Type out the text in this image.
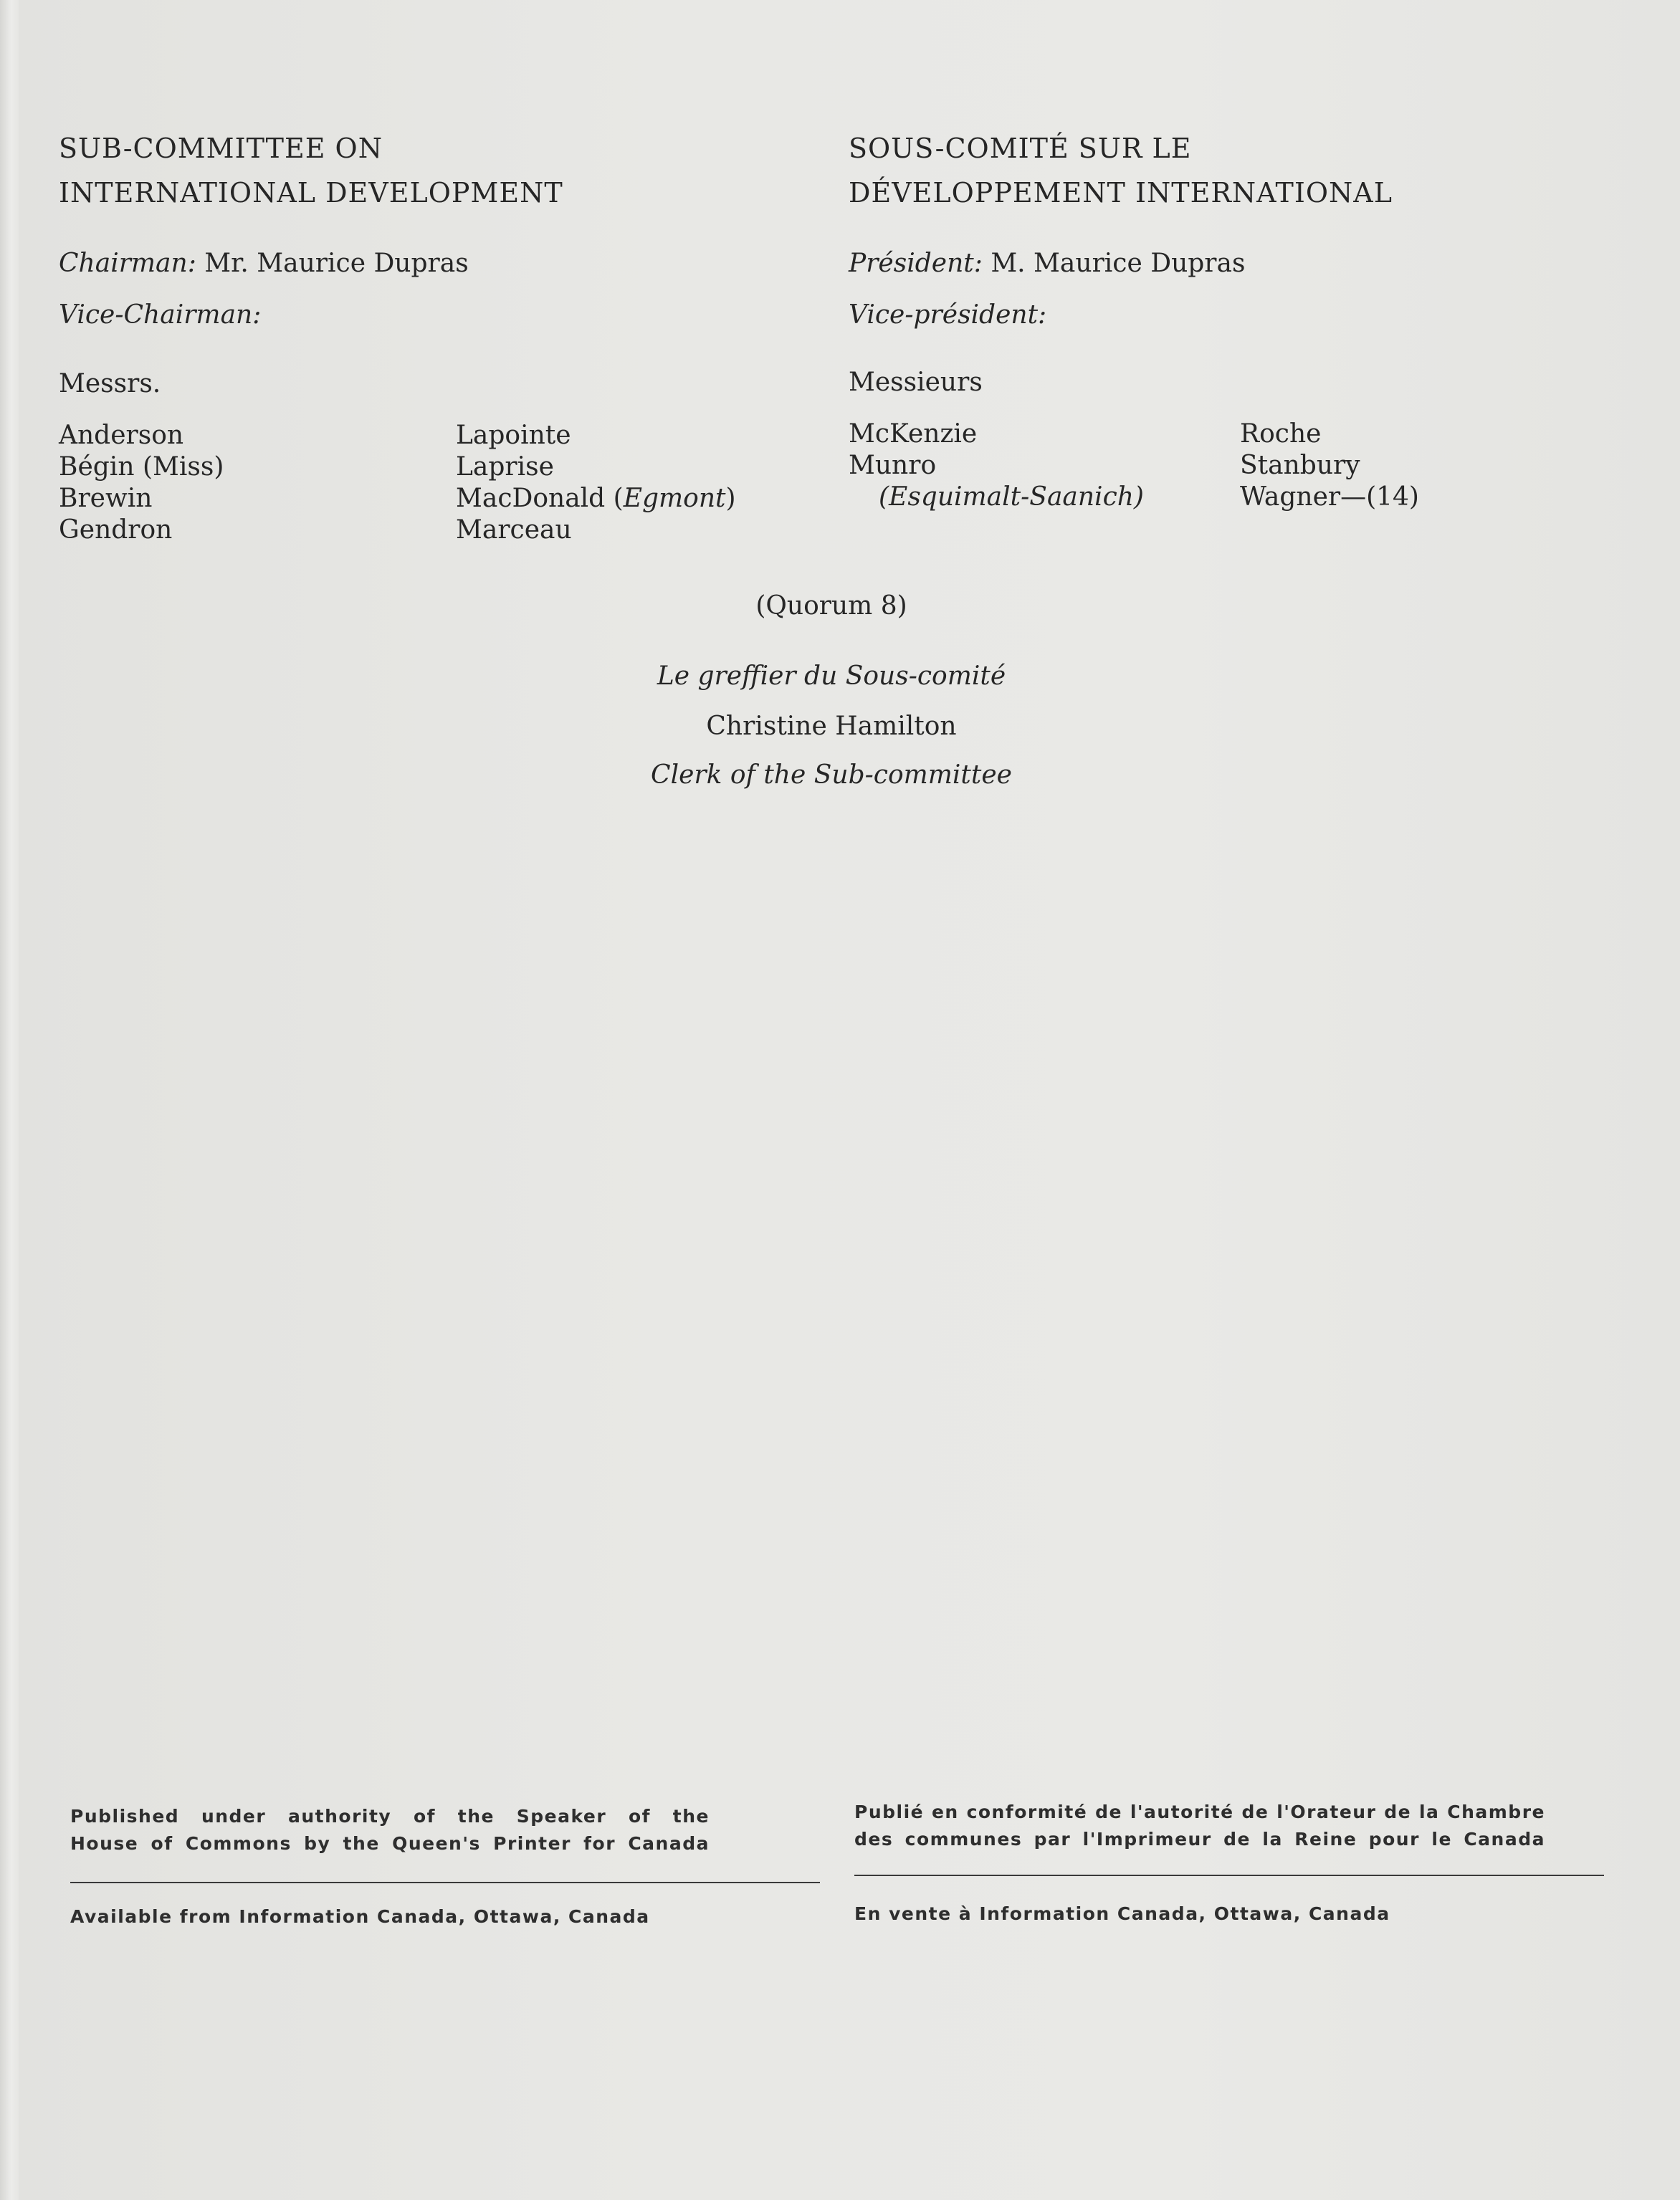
SUB-COMMITTEE ON
INTERNATIONAL DEVELOPMENT
Chairman: Mr. Maurice Dupras
Vice-Chairman:
Messrs.
Anderson
Bégin (Miss)
Brewin
Gendron
Lapointe
Laprise
MacDonald (Egmont)
Marceau
SOUS-COMITÉ SUR LE
DÉVELOPPEMENT INTERNATIONAL
Président: M. Maurice Dupras
Vice-président:
Messieurs
McKenzie
Munro
(Esquimalt-Saanich)
Roche
Stanbury
Wagner—(14)
(Quorum 8)
Le greffier du Sous-comité
Christine Hamilton
Clerk of the Sub-committee
Published under authority of the Speaker of the
House of Commons by the Queen's Printer for Canada
Available from Information Canada, Ottawa, Canada
Publié en conformité de l'autorité de l'Orateur de la Chambre
des communes par l'Imprimeur de la Reine pour le Canada
En vente à Information Canada, Ottawa, Canada
